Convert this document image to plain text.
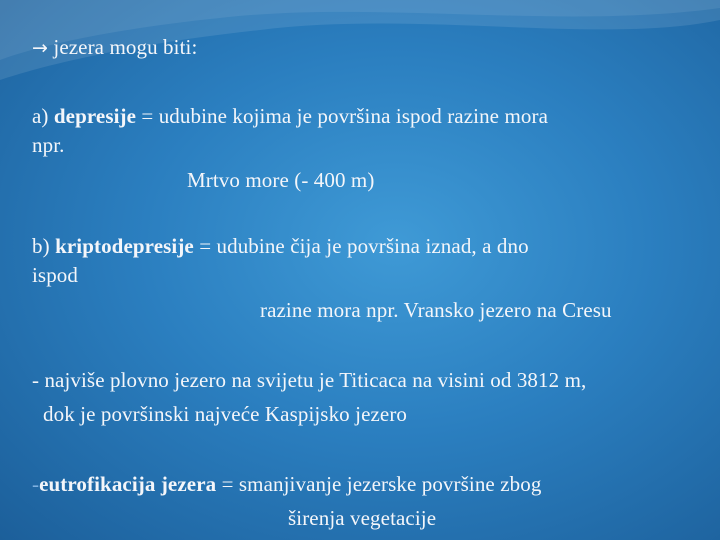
→ jezera mogu biti:
a) depresije = udubine kojima je površina ispod razine mora
npr.
Mrtvo more (- 400 m)
b) kriptodepresije = udubine čija je površina iznad, a dno
ispod
razine mora npr. Vransko jezero na Cresu
- najviše plovno jezero na svijetu je Titicaca na visini od 3812 m,
dok je površinski najveće Kaspijsko jezero
-eutrofikacija jezera = smanjivanje jezerske površine zbog
širenja vegetacije
